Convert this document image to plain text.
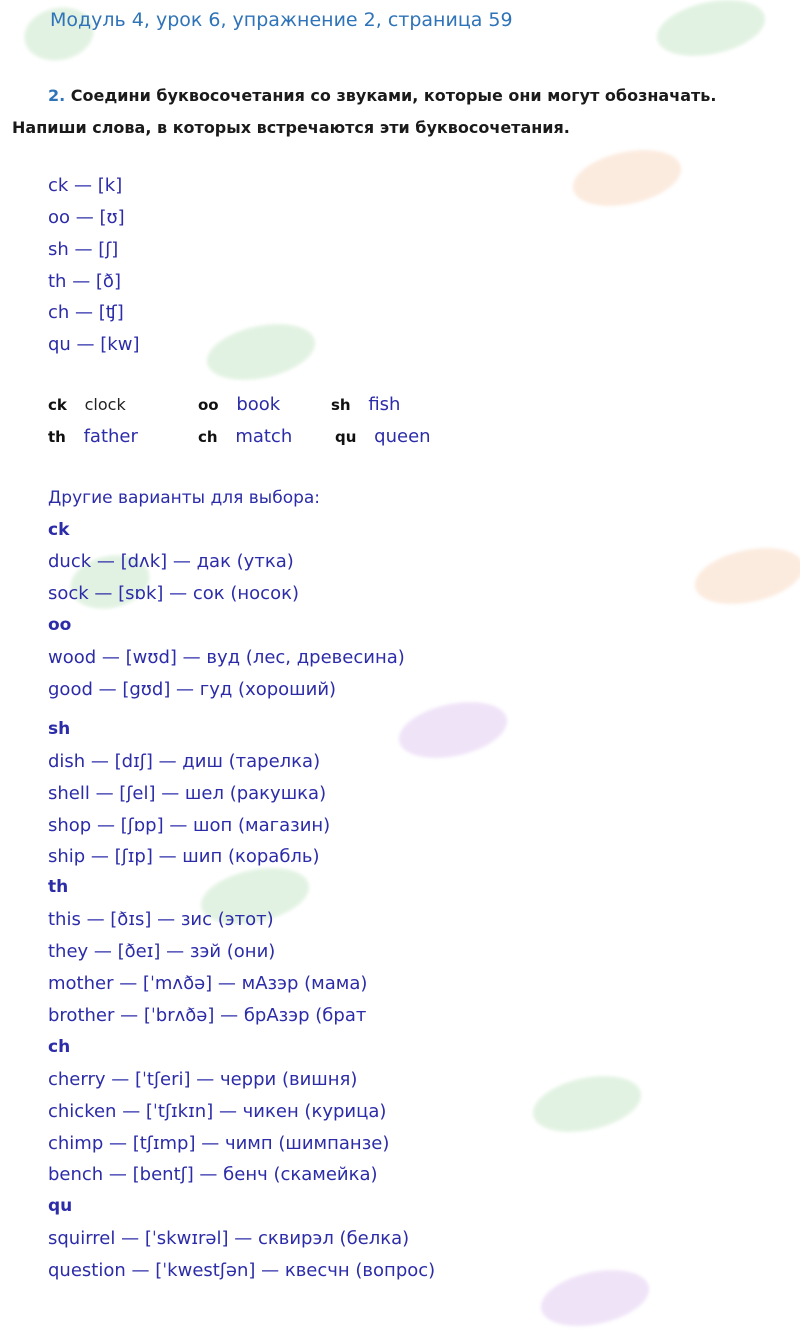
Модуль 4, урок 6, упражнение 2, страница 59
2. Соедини буквосочетания со звуками, которые они могут обозначать.
Напиши слова, в которых встречаются эти буквосочетания.
ck — [k]
oo — [ʊ]
sh — [ʃ]
th — [ð]
ch — [ʧ]
qu — [kw]
ck clock	oo book	sh fish
th father	ch match	qu queen
Другие варианты для выбора:
ck
duck — [dʌk] — дак (утка)
sock — [sɒk] — сок (носок)
oo
wood — [wʊd] — вуд (лес, древесина)
good — [gʊd] — гуд (хороший)
sh
dish — [dɪʃ] — диш (тарелка)
shell — [ʃel] — шел (ракушка)
shop — [ʃɒp] — шоп (магазин)
ship — [ʃɪp] — шип (корабль)
th
this — [ðɪs] — зис (этот)
they — [ðeɪ] — зэй (они)
mother — [ˈmʌðə] — мАзэр (мама)
brother — [ˈbrʌðə] — брАзэр (брат
ch
cherry — [ˈtʃeri] — черри (вишня)
chicken — [ˈtʃɪkɪn] — чикен (курица)
chimp — [tʃɪmp] — чимп (шимпанзе)
bench — [bentʃ] — бенч (скамейка)
qu
squirrel — [ˈskwɪrəl] — сквирэл (белка)
question — [ˈkwestʃən] — квесчн (вопрос)
